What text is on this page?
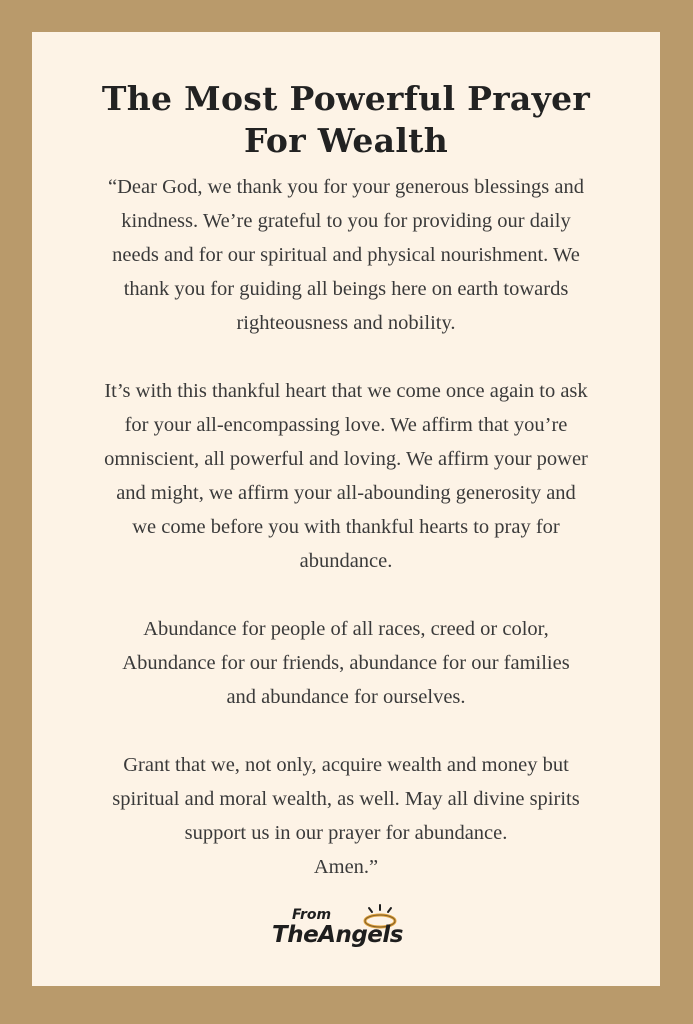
The Most Powerful Prayer
For Wealth

“Dear God, we thank you for your generous blessings and
kindness. We’re grateful to you for providing our daily
needs and for our spiritual and physical nourishment. We
thank you for guiding all beings here on earth towards
righteousness and nobility.

It’s with this thankful heart that we come once again to ask
for your all-encompassing love. We affirm that you’re
omniscient, all powerful and loving. We affirm your power
and might, we affirm your all-abounding generosity and
we come before you with thankful hearts to pray for
abundance.

Abundance for people of all races, creed or color,
Abundance for our friends, abundance for our families
and abundance for ourselves.

Grant that we, not only, acquire wealth and money but
spiritual and moral wealth, as well. May all divine spirits
support us in our prayer for abundance.
Amen.”

From
TheAngels
